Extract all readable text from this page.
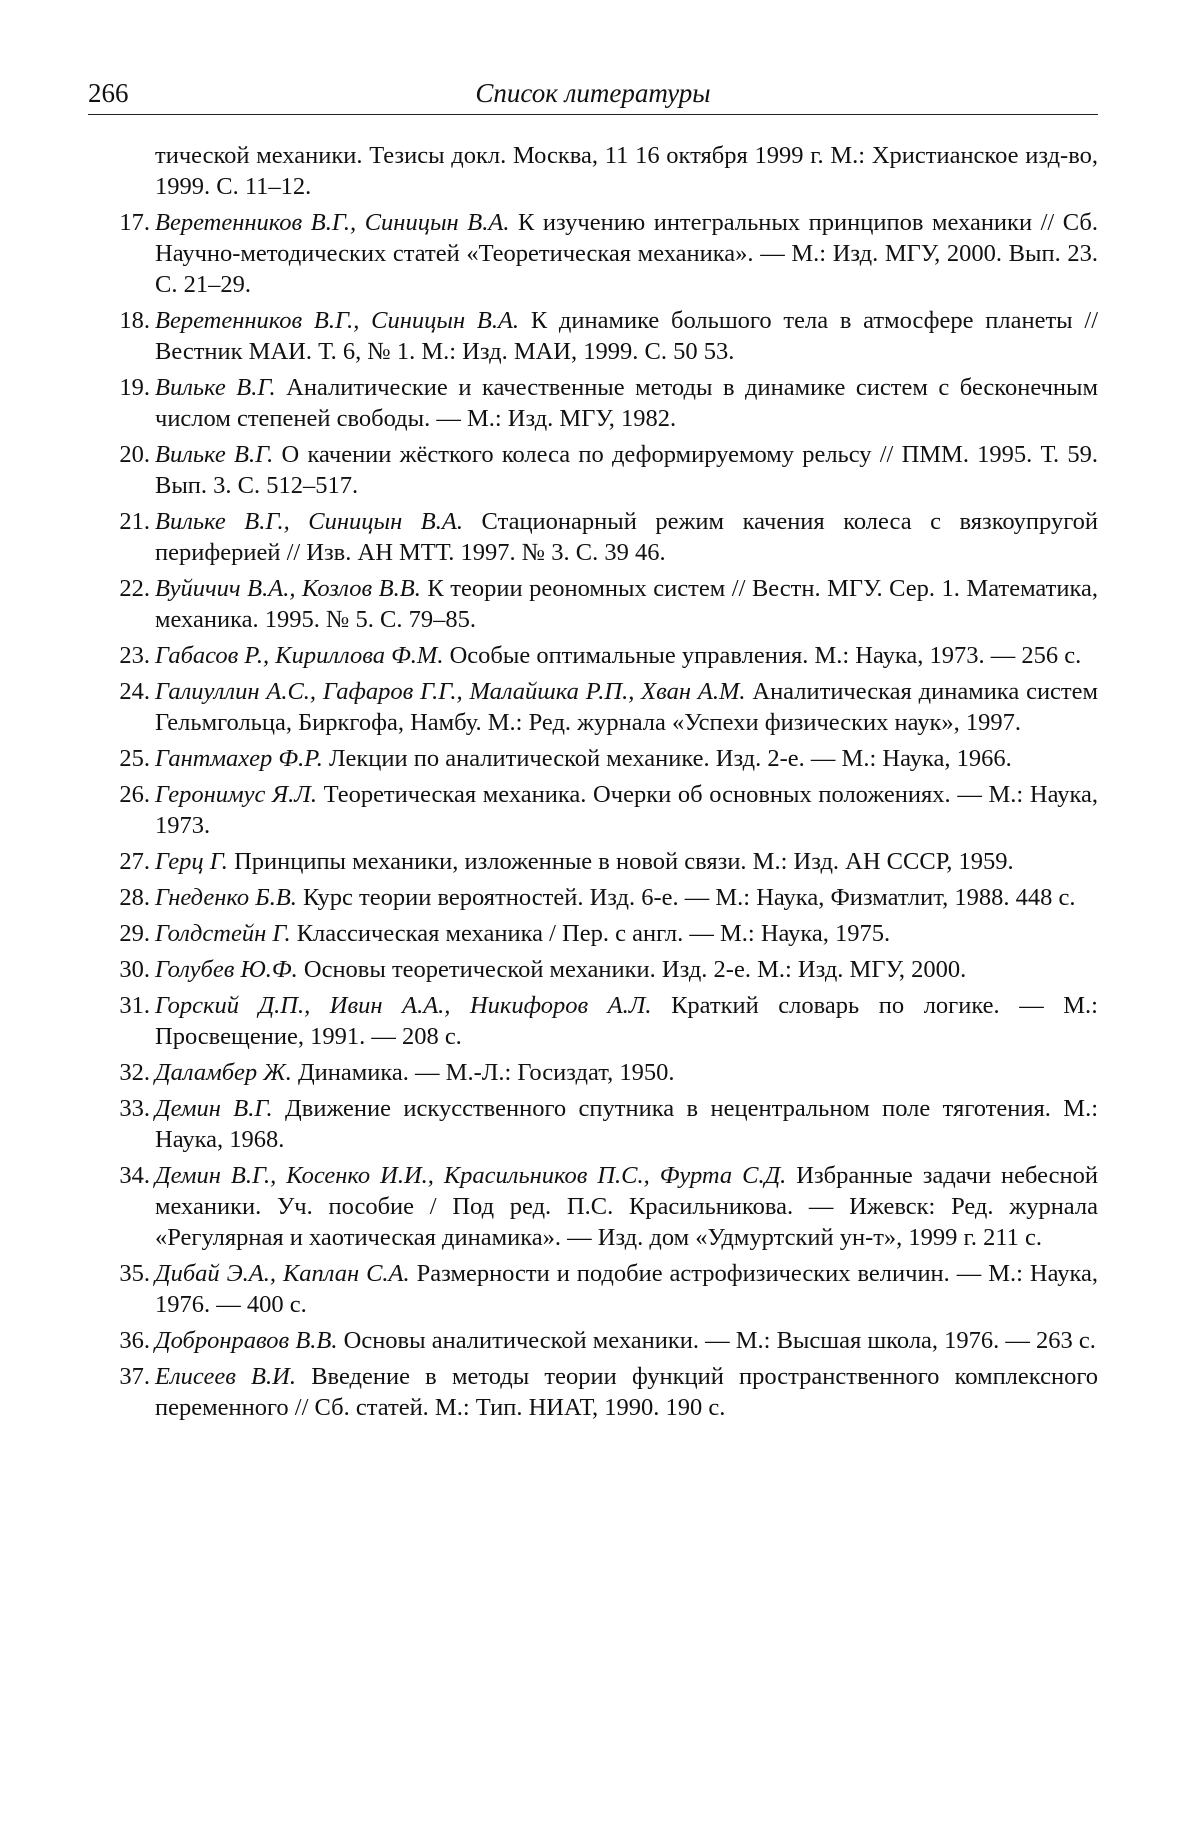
266	Список литературы
тической механики. Тезисы докл. Москва, 11 16 октября 1999 г. М.: Христианское изд-во, 1999. С. 11–12.
17. Веретенников В.Г., Синицын В.А. К изучению интегральных принципов механики // Сб. Научно-методических статей «Теоретическая механика». — М.: Изд. МГУ, 2000. Вып. 23. С. 21–29.
18. Веретенников В.Г., Синицын В.А. К динамике большого тела в атмосфере планеты // Вестник МАИ. Т. 6, № 1. М.: Изд. МАИ, 1999. С. 50 53.
19. Вильке В.Г. Аналитические и качественные методы в динамике систем с бесконечным числом степеней свободы. — М.: Изд. МГУ, 1982.
20. Вильке В.Г. О качении жёсткого колеса по деформируемому рельсу // ПММ. 1995. Т. 59. Вып. 3. С. 512–517.
21. Вильке В.Г., Синицын В.А. Стационарный режим качения колеса с вязкоупругой периферией // Изв. АН МТТ. 1997. № 3. С. 39 46.
22. Вуйичич В.А., Козлов В.В. К теории реономных систем // Вестн. МГУ. Сер. 1. Математика, механика. 1995. № 5. С. 79–85.
23. Габасов Р., Кириллова Ф.М. Особые оптимальные управления. М.: Наука, 1973. — 256 с.
24. Галиуллин А.С., Гафаров Г.Г., Малайшка Р.П., Хван А.М. Аналитическая динамика систем Гельмгольца, Биркгофа, Намбу. М.: Ред. журнала «Успехи физических наук», 1997.
25. Гантмахер Ф.Р. Лекции по аналитической механике. Изд. 2-е. — М.: Наука, 1966.
26. Геронимус Я.Л. Теоретическая механика. Очерки об основных положениях. — М.: Наука, 1973.
27. Герц Г. Принципы механики, изложенные в новой связи. М.: Изд. АН СССР, 1959.
28. Гнеденко Б.В. Курс теории вероятностей. Изд. 6-е. — М.: Наука, Физматлит, 1988. 448 с.
29. Голдстейн Г. Классическая механика / Пер. с англ. — М.: Наука, 1975.
30. Голубев Ю.Ф. Основы теоретической механики. Изд. 2-е. М.: Изд. МГУ, 2000.
31. Горский Д.П., Ивин А.А., Никифоров А.Л. Краткий словарь по логике. — М.: Просвещение, 1991. — 208 с.
32. Даламбер Ж. Динамика. — М.-Л.: Госиздат, 1950.
33. Демин В.Г. Движение искусственного спутника в нецентральном поле тяготения. М.: Наука, 1968.
34. Демин В.Г., Косенко И.И., Красильников П.С., Фурта С.Д. Избранные задачи небесной механики. Уч. пособие / Под ред. П.С. Красильникова. — Ижевск: Ред. журнала «Регулярная и хаотическая динамика». — Изд. дом «Удмуртский ун-т», 1999 г. 211 с.
35. Дибай Э.А., Каплан С.А. Размерности и подобие астрофизических величин. — М.: Наука, 1976. — 400 с.
36. Добронравов В.В. Основы аналитической механики. — М.: Высшая школа, 1976. — 263 с.
37. Елисеев В.И. Введение в методы теории функций пространственного комплексного переменного // Сб. статей. М.: Тип. НИАТ, 1990. 190 с.
